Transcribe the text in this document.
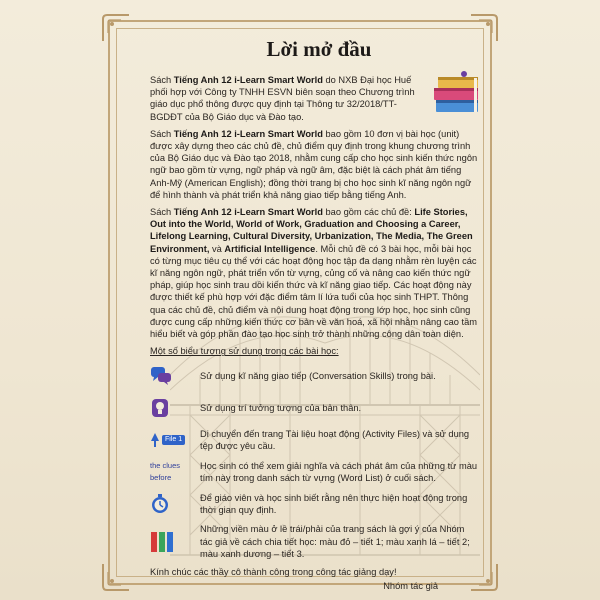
Lời mở đầu

Sách Tiếng Anh 12 i-Learn Smart World do NXB Đại học Huế phối hợp với Công ty TNHH ESVN biên soạn theo Chương trình giáo dục phổ thông được quy định tại Thông tư 32/2018/TT-BGDĐT của Bộ Giáo dục và Đào tạo.

Sách Tiếng Anh 12 i-Learn Smart World bao gồm 10 đơn vị bài học (unit) được xây dựng theo các chủ đề, chủ điểm quy định trong khung chương trình của Bộ Giáo dục và Đào tạo 2018, nhằm cung cấp cho học sinh kiến thức ngôn ngữ bao gồm từ vựng, ngữ pháp và ngữ âm, đặc biệt là cách phát âm tiếng Anh-Mỹ (American English); đồng thời trang bị cho học sinh kĩ năng ngôn ngữ để hình thành và phát triển khả năng giao tiếp bằng tiếng Anh.

Sách Tiếng Anh 12 i-Learn Smart World bao gồm các chủ đề: Life Stories, Out into the World, World of Work, Graduation and Choosing a Career, Lifelong Learning, Cultural Diversity, Urbanization, The Media, The Green Environment, và Artificial Intelligence. Mỗi chủ đề có 3 bài học, mỗi bài học có từng mục tiêu cụ thể với các hoạt động học tập đa dạng nhằm rèn luyện các kĩ năng ngôn ngữ, phát triển vốn từ vựng, củng cố và nâng cao kiến thức ngữ pháp, giúp học sinh trau dồi kiến thức và kĩ năng giao tiếp. Các hoạt động này được thiết kế phù hợp với đặc điểm tâm lí lứa tuổi của học sinh THPT. Thông qua các chủ đề, chủ điểm và nội dung hoạt động trong lớp học, học sinh cũng được cung cấp những kiến thức cơ bản về văn hoá, xã hội nhằm nâng cao tầm hiểu biết và góp phần đào tạo học sinh trở thành những công dân toàn diện.

Một số biểu tượng sử dụng trong các bài học:
Sử dụng kĩ năng giao tiếp (Conversation Skills) trong bài.
Sử dụng trí tưởng tượng của bản thân.
File 1
Di chuyển đến trang Tài liệu hoạt động (Activity Files) và sử dụng tệp được yêu cầu.
the clues before
Học sinh có thể xem giải nghĩa và cách phát âm của những từ màu tím này trong danh sách từ vựng (Word List) ở cuối sách.
Để giáo viên và học sinh biết rằng nên thực hiện hoạt động trong thời gian quy định.
Những viền màu ở lề trái/phải của trang sách là gợi ý của Nhóm tác giả về cách chia tiết học: màu đỏ – tiết 1; màu xanh lá – tiết 2; màu xanh dương – tiết 3.
Kính chúc các thầy cô thành công trong công tác giảng dạy!
Nhóm tác giả
